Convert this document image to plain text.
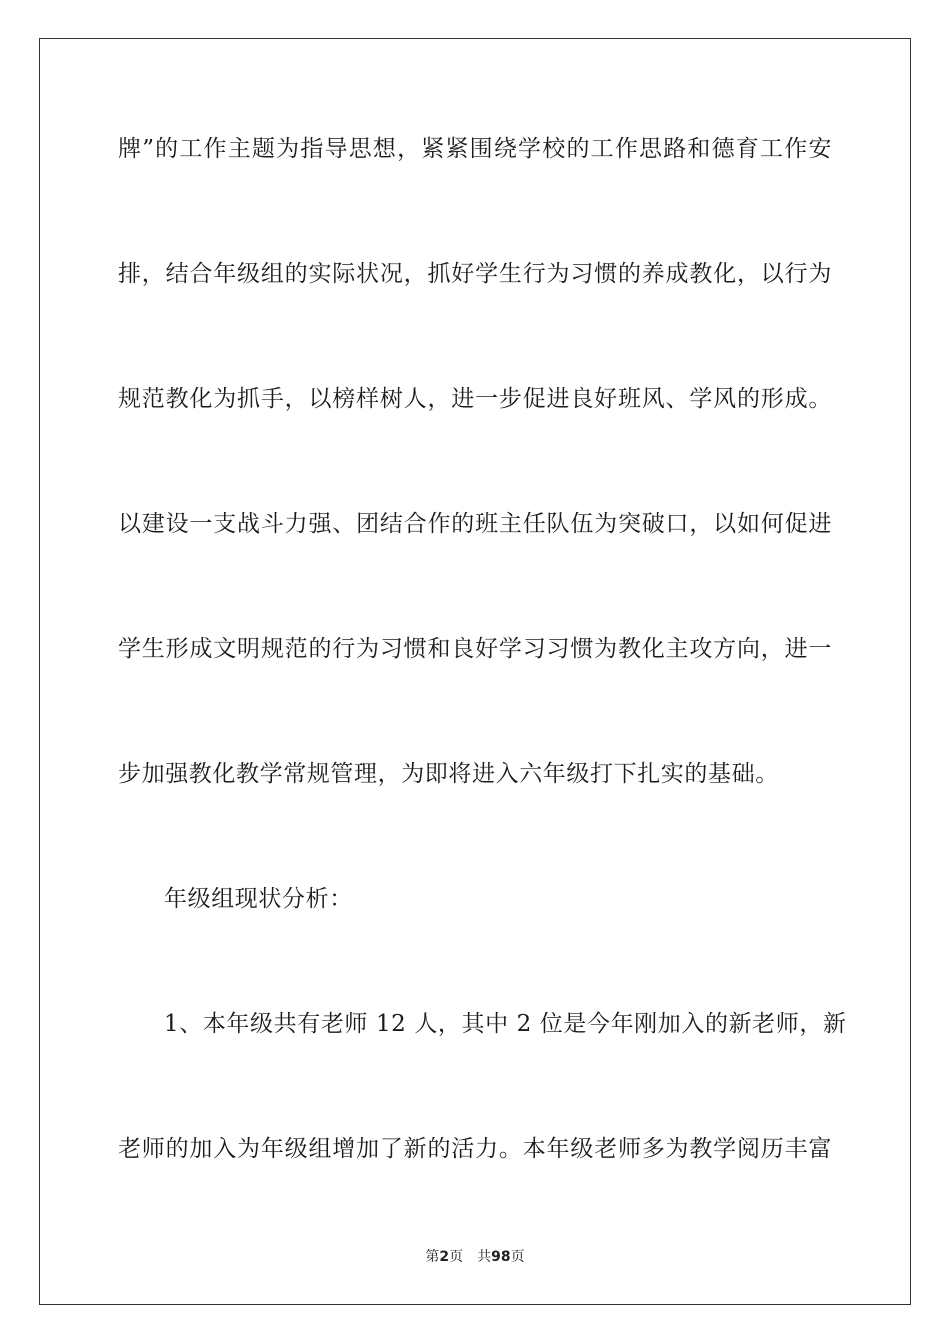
牌”的工作主题为指导思想，紧紧围绕学校的工作思路和德育工作安
排，结合年级组的实际状况，抓好学生行为习惯的养成教化，以行为
规范教化为抓手，以榜样树人，进一步促进良好班风、学风的形成。
以建设一支战斗力强、团结合作的班主任队伍为突破口，以如何促进
学生形成文明规范的行为习惯和良好学习习惯为教化主攻方向，进一
步加强教化教学常规管理，为即将进入六年级打下扎实的基础。
年级组现状分析：
1、本年级共有老师 12 人，其中 2 位是今年刚加入的新老师，新
老师的加入为年级组增加了新的活力。本年级老师多为教学阅历丰富
第2页 共98页
